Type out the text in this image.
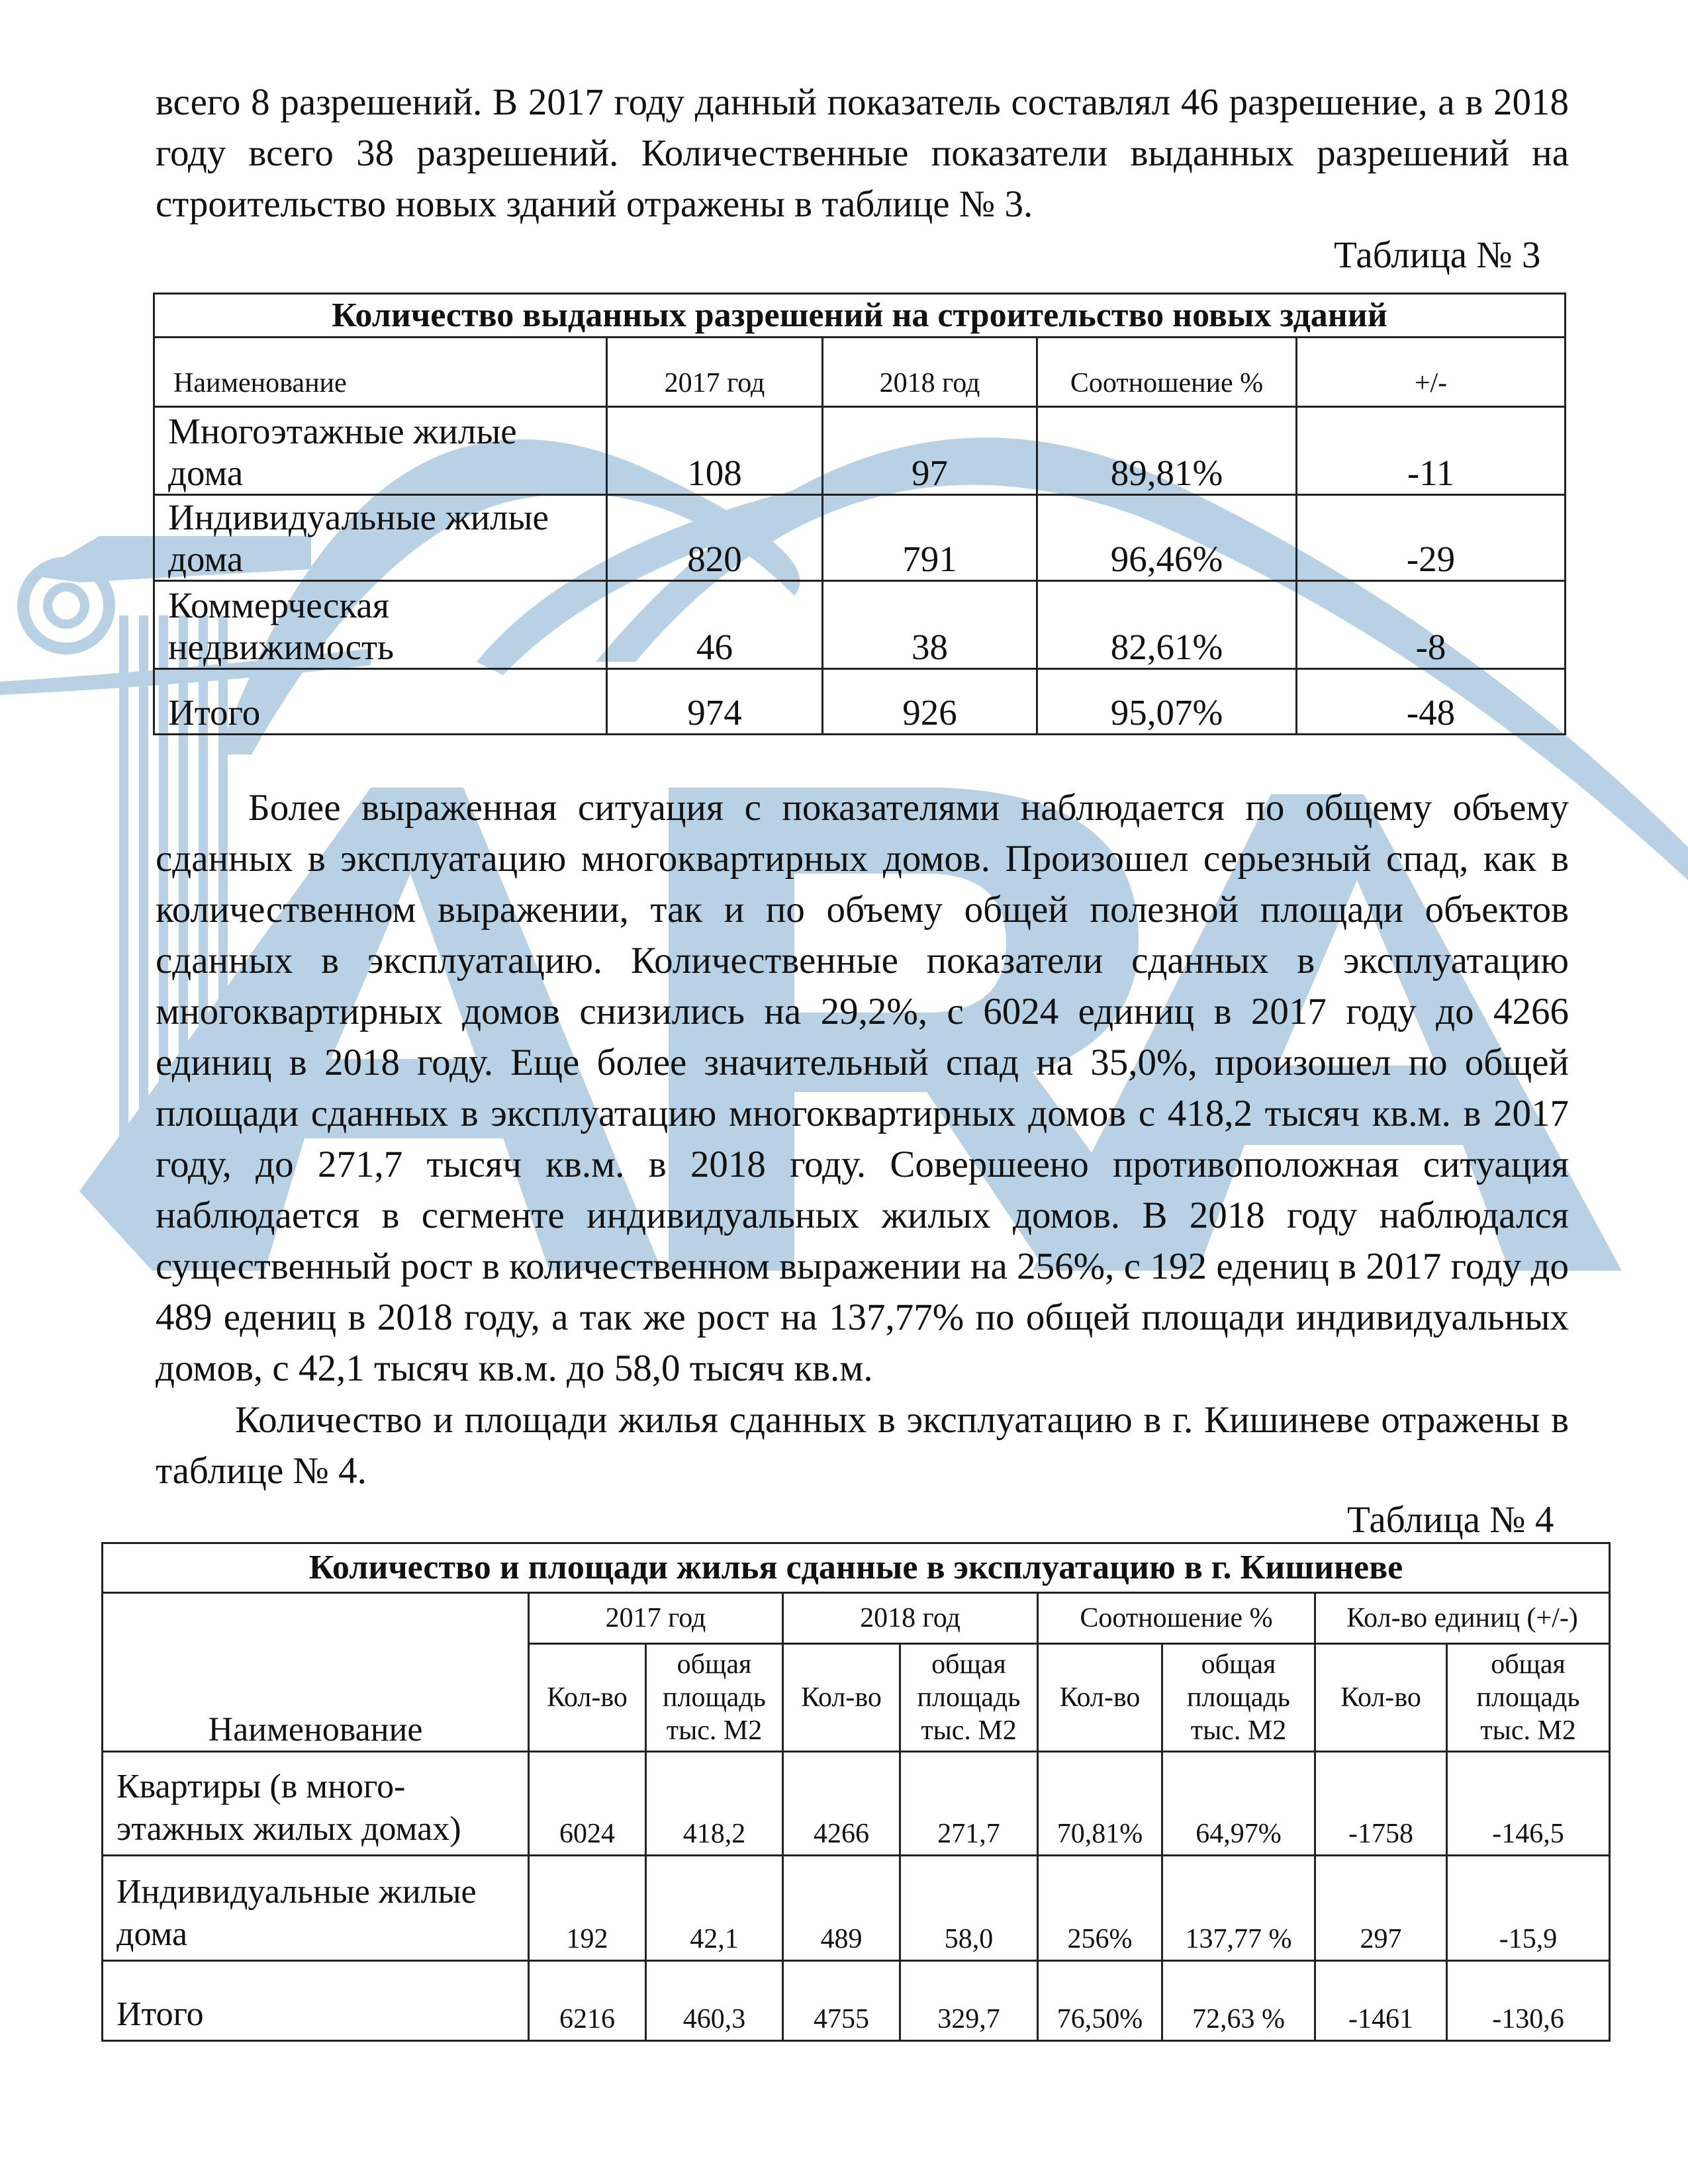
всего 8 разрешений. В 2017 году данный показатель составлял 46 разрешение, а в 2018 году всего 38 разрешений. Количественные показатели выданных разрешений на строительство новых зданий отражены в таблице № 3.

Таблица № 3
Количество выданных разрешений на строительство новых зданий				
Наименование	2017 год	2018 год	Соотношение %	+/-
Многоэтажные жилые дома	108	97	89,81%	-11
Индивидуальные жилые дома	820	791	96,46%	-29
Коммерческая недвижимость	46	38	82,61%	-8
Итого	974	926	95,07%	-48

Более выраженная ситуация с показателями наблюдается по общему объему сданных в эксплуатацию многоквартирных домов. Произошел серьезный спад, как в количественном выражении, так и по объему общей полезной площади объектов сданных в эксплуатацию. Количественные показатели сданных в эксплуатацию многоквартирных домов снизились на 29,2%, с 6024 единиц в 2017 году до 4266 единиц в 2018 году. Еще более значительный спад на 35,0%, произошел по общей площади сданных в эксплуатацию многоквартирных домов с 418,2 тысяч кв.м. в 2017 году, до 271,7 тысяч кв.м. в 2018 году. Совершеено противоположная ситуация наблюдается в сегменте индивидуальных жилых домов. В 2018 году наблюдался существенный рост в количественном выражении на 256%, с 192 едениц в 2017 году до 489 едениц в 2018 году, а так же рост на 137,77% по общей площади индивидуальных домов, с 42,1 тысяч кв.м. до 58,0 тысяч кв.м.

Количество и площади жилья сданных в эксплуатацию в г. Кишиневе отражены в таблице № 4.

Таблица № 4
Количество и площади жилья сданные в эксплуатацию в г. Кишиневе								
Наименование	2017 год		2018 год		Соотношение %		Кол-во единиц (+/-)	
	Кол-во	общая площадь тыс. М2	Кол-во	общая площадь тыс. М2	Кол-во	общая площадь тыс. М2	Кол-во	общая площадь тыс. М2
Квартиры (в много-этажных жилых домах)	6024	418,2	4266	271,7	70,81%	64,97%	-1758	-146,5
Индивидуальные жилые дома	192	42,1	489	58,0	256%	137,77 %	297	-15,9
Итого	6216	460,3	4755	329,7	76,50%	72,63 %	-1461	-130,6
